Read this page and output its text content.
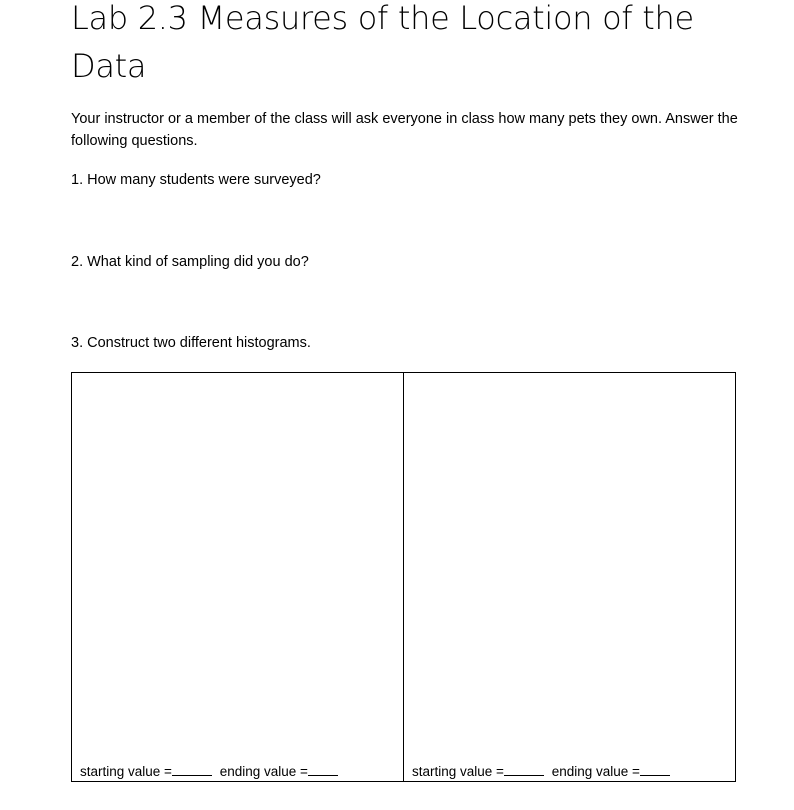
Lab 2.3 Measures of the Location of the Data

Your instructor or a member of the class will ask everyone in class how many pets they own. Answer the following questions.

1. How many students were surveyed?

2. What kind of sampling did you do?

3. Construct two different histograms.

starting value =	ending value =	starting value =	ending value =
